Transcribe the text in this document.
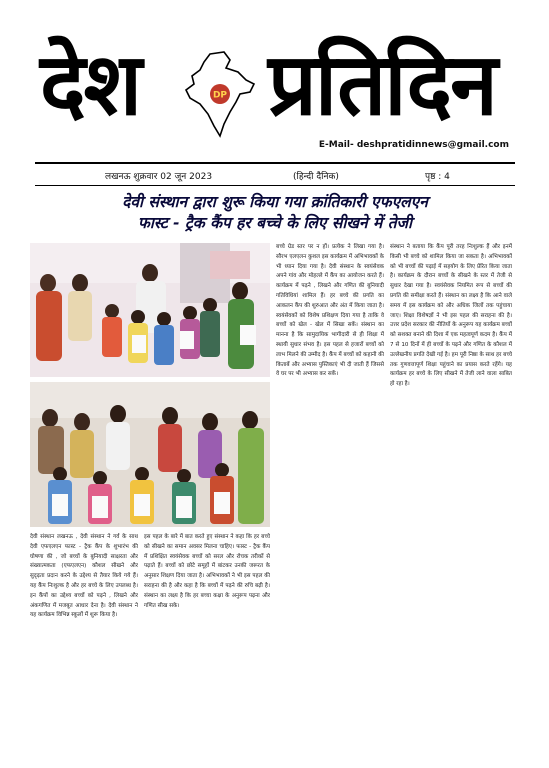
देश	DP प्रतिदिन
E-Mail- deshpratidinnews@gmail.com
लखनऊ शुक्रवार 02 जून 2023	(हिन्दी दैनिक)	पृष्ठ : 4
देवी संस्थान द्वारा शुरू किया गया क्रांतिकारी एफएलएन
फास्ट - ट्रैक कैंप हर बच्चे के लिए सीखने में तेजी

देवी संस्थान लखनऊ , देवी संस्थान ने गर्व के साथ देवी एफएलएन फास्ट - ट्रैक कैंप के शुभारंभ की घोषणा की , जो बच्चों के बुनियादी साक्षरता और संख्यात्मकता (एफएलएन) कौशल सीखने और सुदृढ़ता प्रदान करने के उद्देश्य से तैयार किये गये हैं। यह कैंप निःशुल्क है और हर बच्चे के लिए उपलब्ध है। इन कैंपों का उद्देश्य बच्चों को पढ़ने , लिखने और अंकगणित में मजबूत आधार देना है। देवी संस्थान ने यह कार्यक्रम विभिन्न स्कूलों में शुरू किया है।

इस पहल के बारे में बात करते हुए संस्थान ने कहा कि हर बच्चे को सीखने का समान अवसर मिलना चाहिए। फास्ट - ट्रैक कैंप में प्रशिक्षित स्वयंसेवक बच्चों को सरल और रोचक तरीकों से पढ़ाते हैं। बच्चों को छोटे समूहों में बांटकर उनकी जरूरत के अनुसार शिक्षण दिया जाता है। अभिभावकों ने भी इस पहल की सराहना की है और कहा है कि बच्चों में पढ़ने की रुचि बढ़ी है। संस्थान का लक्ष्य है कि हर बच्चा कक्षा के अनुरूप पढ़ना और गणित सीख सके।

बच्चे ग्रेड स्तर पर न हों। प्रत्येक ने लिखा गया है। सौरभ एलएलन कुशल इस कार्यक्रम में अभिभावकों के भी ध्यान दिया गया है। देवी संस्थान के स्वयंसेवक अपने गांव और मोहल्ले में कैंप का आयोजन करते हैं। कार्यक्रम में पढ़ने , लिखने और गणित की बुनियादी गतिविधियां शामिल हैं। हर बच्चे की प्रगति का आकलन कैंप की शुरुआत और अंत में किया जाता है। स्वयंसेवकों को विशेष प्रशिक्षण दिया गया है ताकि वे बच्चों को खेल - खेल में सिखा सकें। संस्थान का मानना है कि सामुदायिक भागीदारी से ही शिक्षा में स्थायी सुधार संभव है। इस पहल से हजारों बच्चों को लाभ मिलने की उम्मीद है। कैंप में बच्चों को कहानी की किताबें और अभ्यास पुस्तिकाएं भी दी जाती हैं जिससे वे घर पर भी अभ्यास कर सकें।

संस्थान ने बताया कि कैंप पूरी तरह निःशुल्क हैं और इनमें किसी भी बच्चे को शामिल किया जा सकता है। अभिभावकों को भी बच्चों की पढ़ाई में सहयोग के लिए प्रेरित किया जाता है। कार्यक्रम के दौरान बच्चों के सीखने के स्तर में तेजी से सुधार देखा गया है। स्वयंसेवक नियमित रूप से बच्चों की प्रगति की समीक्षा करते हैं। संस्थान का लक्ष्य है कि आने वाले समय में इस कार्यक्रम को और अधिक जिलों तक पहुंचाया जाए। शिक्षा विशेषज्ञों ने भी इस पहल की सराहना की है। उत्तर प्रदेश सरकार की नीतियों के अनुरूप यह कार्यक्रम बच्चों को सशक्त बनाने की दिशा में एक महत्वपूर्ण कदम है। कैंप में 7 से 10 दिनों में ही बच्चों के पढ़ने और गणित के कौशल में उल्लेखनीय प्रगति देखी गई है। हम पूरी निष्ठा के साथ हर बच्चे तक गुणवत्तापूर्ण शिक्षा पहुंचाने का प्रयास करते रहेंगे। यह कार्यक्रम हर बच्चे के लिए सीखने में तेजी लाने वाला साबित हो रहा है।
